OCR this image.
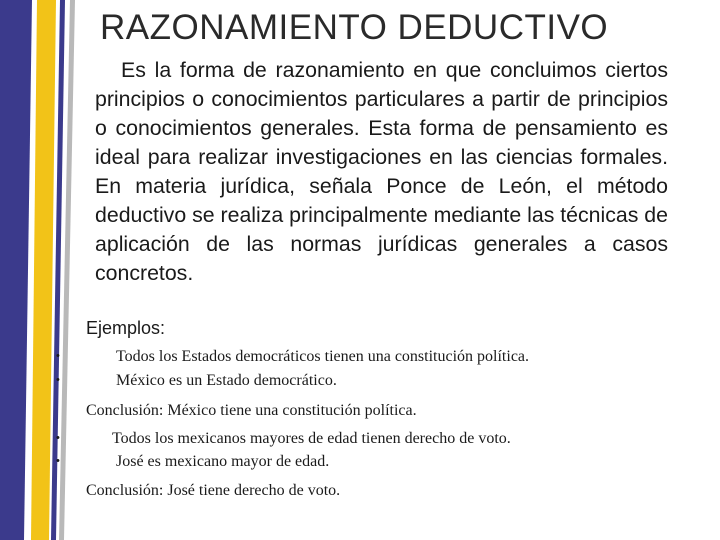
RAZONAMIENTO DEDUCTIVO
Es la forma de razonamiento en que concluimos ciertos principios o conocimientos particulares a partir de principios o conocimientos generales. Esta forma de pensamiento es ideal para realizar investigaciones en las ciencias formales. En materia jurídica, señala Ponce de León, el método deductivo se realiza principalmente mediante las técnicas de aplicación de las normas jurídicas generales a casos concretos.
Ejemplos:
•	Todos los Estados democráticos tienen una constitución política.
•	México es un Estado democrático.
Conclusión: México tiene una constitución política.
•	Todos los mexicanos mayores de edad tienen derecho de voto.
•	José es mexicano mayor de edad.
Conclusión: José tiene derecho de voto.
